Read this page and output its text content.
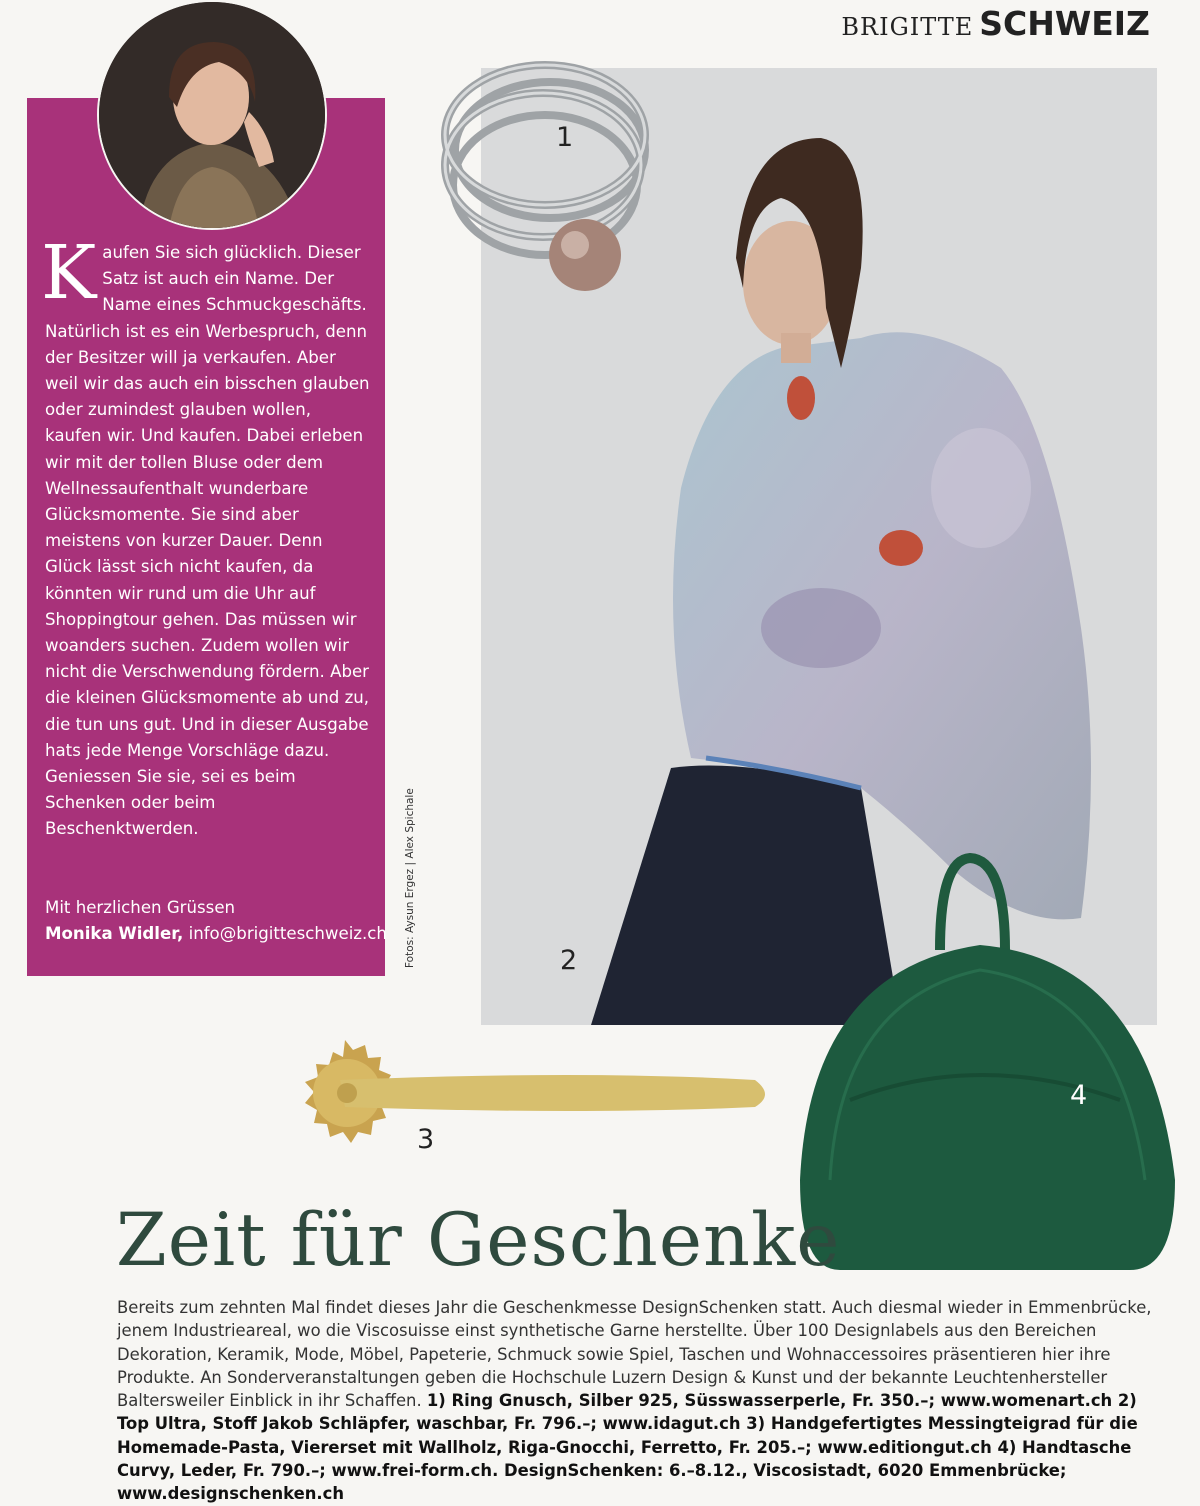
BRIGITTE SCHWEIZ
Kaufen Sie sich glücklich. Dieser Satz ist auch ein Name. Der Name eines Schmuckgeschäfts. Natürlich ist es ein Werbespruch, denn der Besitzer will ja verkaufen. Aber weil wir das auch ein bisschen glauben oder zumindest glauben wollen, kaufen wir. Und kaufen. Dabei erleben wir mit der tollen Bluse oder dem Wellnessaufenthalt wunderbare Glücksmomente. Sie sind aber meistens von kurzer Dauer. Denn Glück lässt sich nicht kaufen, da könnten wir rund um die Uhr auf Shoppingtour gehen. Das müssen wir woanders suchen. Zudem wollen wir nicht die Verschwendung fördern. Aber die kleinen Glücksmomente ab und zu, die tun uns gut. Und in dieser Ausgabe hats jede Menge Vorschläge dazu. Geniessen Sie sie, sei es beim Schenken oder beim Beschenktwerden.
Mit herzlichen Grüssen
Monika Widler, info@brigitteschweiz.ch Fotos: Aysun Ergez | Alex Spichale
1
2
3
4
Zeit für Geschenke
Bereits zum zehnten Mal findet dieses Jahr die Geschenkmesse DesignSchenken statt. Auch diesmal wieder in Emmenbrücke, jenem Industrieareal, wo die Viscosuisse einst synthetische Garne herstellte. Über 100 Designlabels aus den Bereichen Dekoration, Keramik, Mode, Möbel, Papeterie, Schmuck sowie Spiel, Taschen und Wohnaccessoires präsentieren hier ihre Produkte. An Sonderveranstaltungen geben die Hochschule Luzern Design & Kunst und der bekannte Leuchtenhersteller Baltersweiler Einblick in ihr Schaffen. 1) Ring Gnusch, Silber 925, Süsswasserperle, Fr. 350.–; www.womenart.ch 2) Top Ultra, Stoff Jakob Schläpfer, waschbar, Fr. 796.–; www.idagut.ch 3) Handgefertigtes Messingteigrad für die Homemade-Pasta, Viererset mit Wallholz, Riga-Gnocchi, Ferretto, Fr. 205.–; www.editiongut.ch 4) Handtasche Curvy, Leder, Fr. 790.–; www.frei-form.ch. DesignSchenken: 6.–8.12., Viscosistadt, 6020 Emmenbrücke; www.designschenken.ch
